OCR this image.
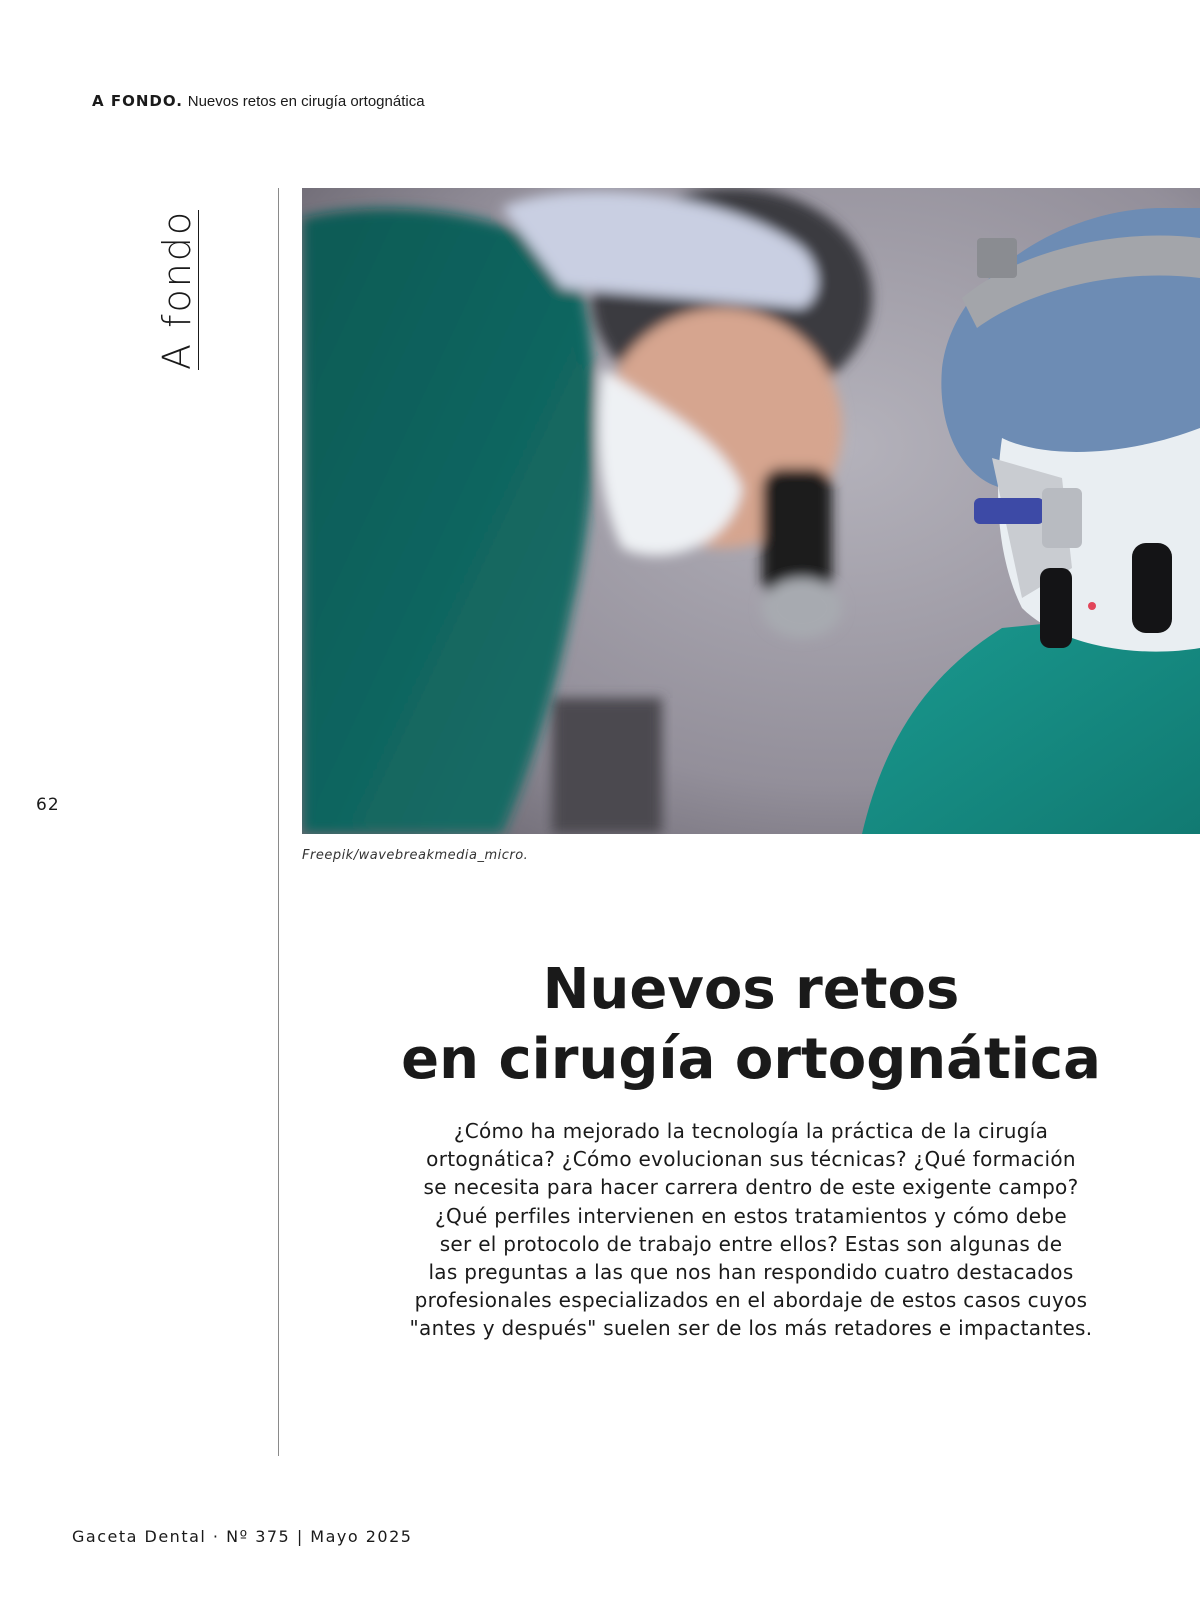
A FONDO. Nuevos retos en cirugía ortognática
A fondo
62
Freepik/wavebreakmedia_micro.
Nuevos retos
en cirugía ortognática
¿Cómo ha mejorado la tecnología la práctica de la cirugía
ortognática? ¿Cómo evolucionan sus técnicas? ¿Qué formación
se necesita para hacer carrera dentro de este exigente campo?
¿Qué perfiles intervienen en estos tratamientos y cómo debe
ser el protocolo de trabajo entre ellos? Estas son algunas de
las preguntas a las que nos han respondido cuatro destacados
profesionales especializados en el abordaje de estos casos cuyos
"antes y después" suelen ser de los más retadores e impactantes.
Gaceta Dental · Nº 375 | Mayo 2025
